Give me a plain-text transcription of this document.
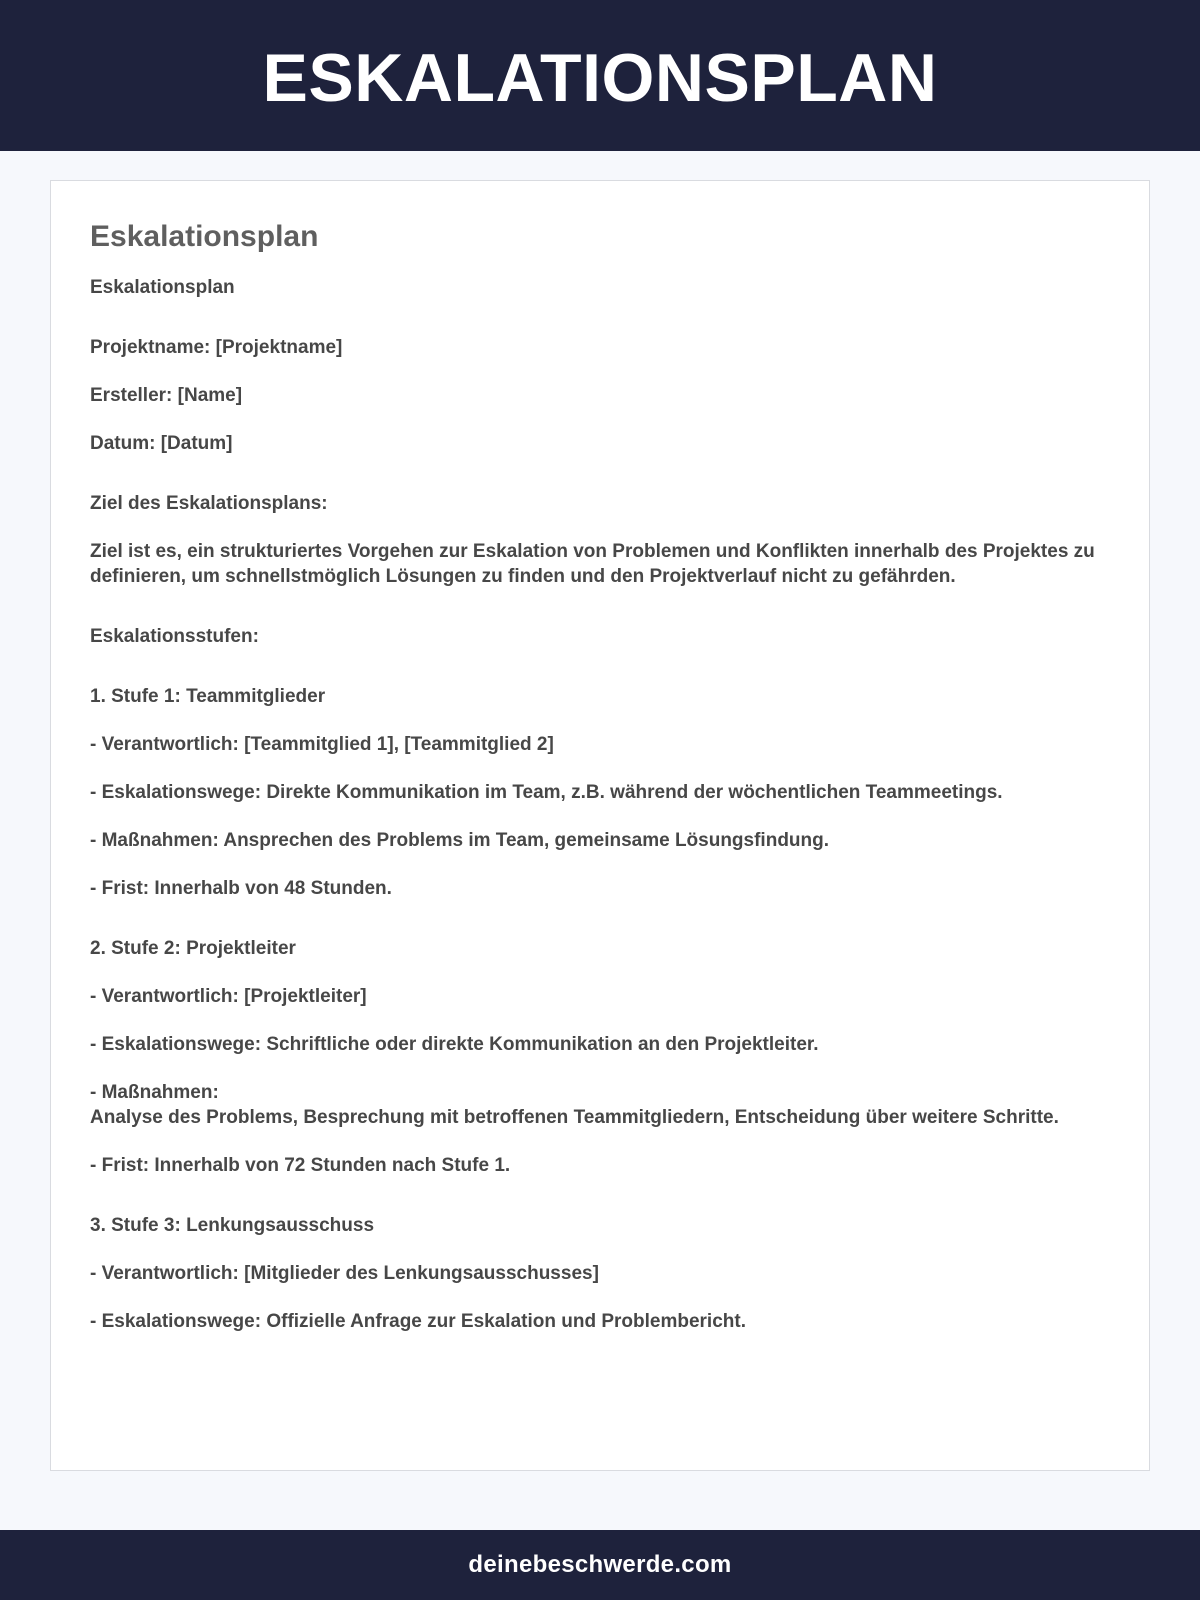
ESKALATIONSPLAN
Eskalationsplan
Eskalationsplan
Projektname: [Projektname]
Ersteller: [Name]
Datum: [Datum]
Ziel des Eskalationsplans:
Ziel ist es, ein strukturiertes Vorgehen zur Eskalation von Problemen und Konflikten innerhalb des Projektes zu definieren, um schnellstmöglich Lösungen zu finden und den Projektverlauf nicht zu gefährden.
Eskalationsstufen:
1. Stufe 1: Teammitglieder
- Verantwortlich: [Teammitglied 1], [Teammitglied 2]
- Eskalationswege: Direkte Kommunikation im Team, z.B. während der wöchentlichen Teammeetings.
- Maßnahmen: Ansprechen des Problems im Team, gemeinsame Lösungsfindung.
- Frist: Innerhalb von 48 Stunden.
2. Stufe 2: Projektleiter
- Verantwortlich: [Projektleiter]
- Eskalationswege: Schriftliche oder direkte Kommunikation an den Projektleiter.
- Maßnahmen:
Analyse des Problems, Besprechung mit betroffenen Teammitgliedern, Entscheidung über weitere Schritte.
- Frist: Innerhalb von 72 Stunden nach Stufe 1.
3. Stufe 3: Lenkungsausschuss
- Verantwortlich: [Mitglieder des Lenkungsausschusses]
- Eskalationswege: Offizielle Anfrage zur Eskalation und Problembericht.
deinebeschwerde.com
